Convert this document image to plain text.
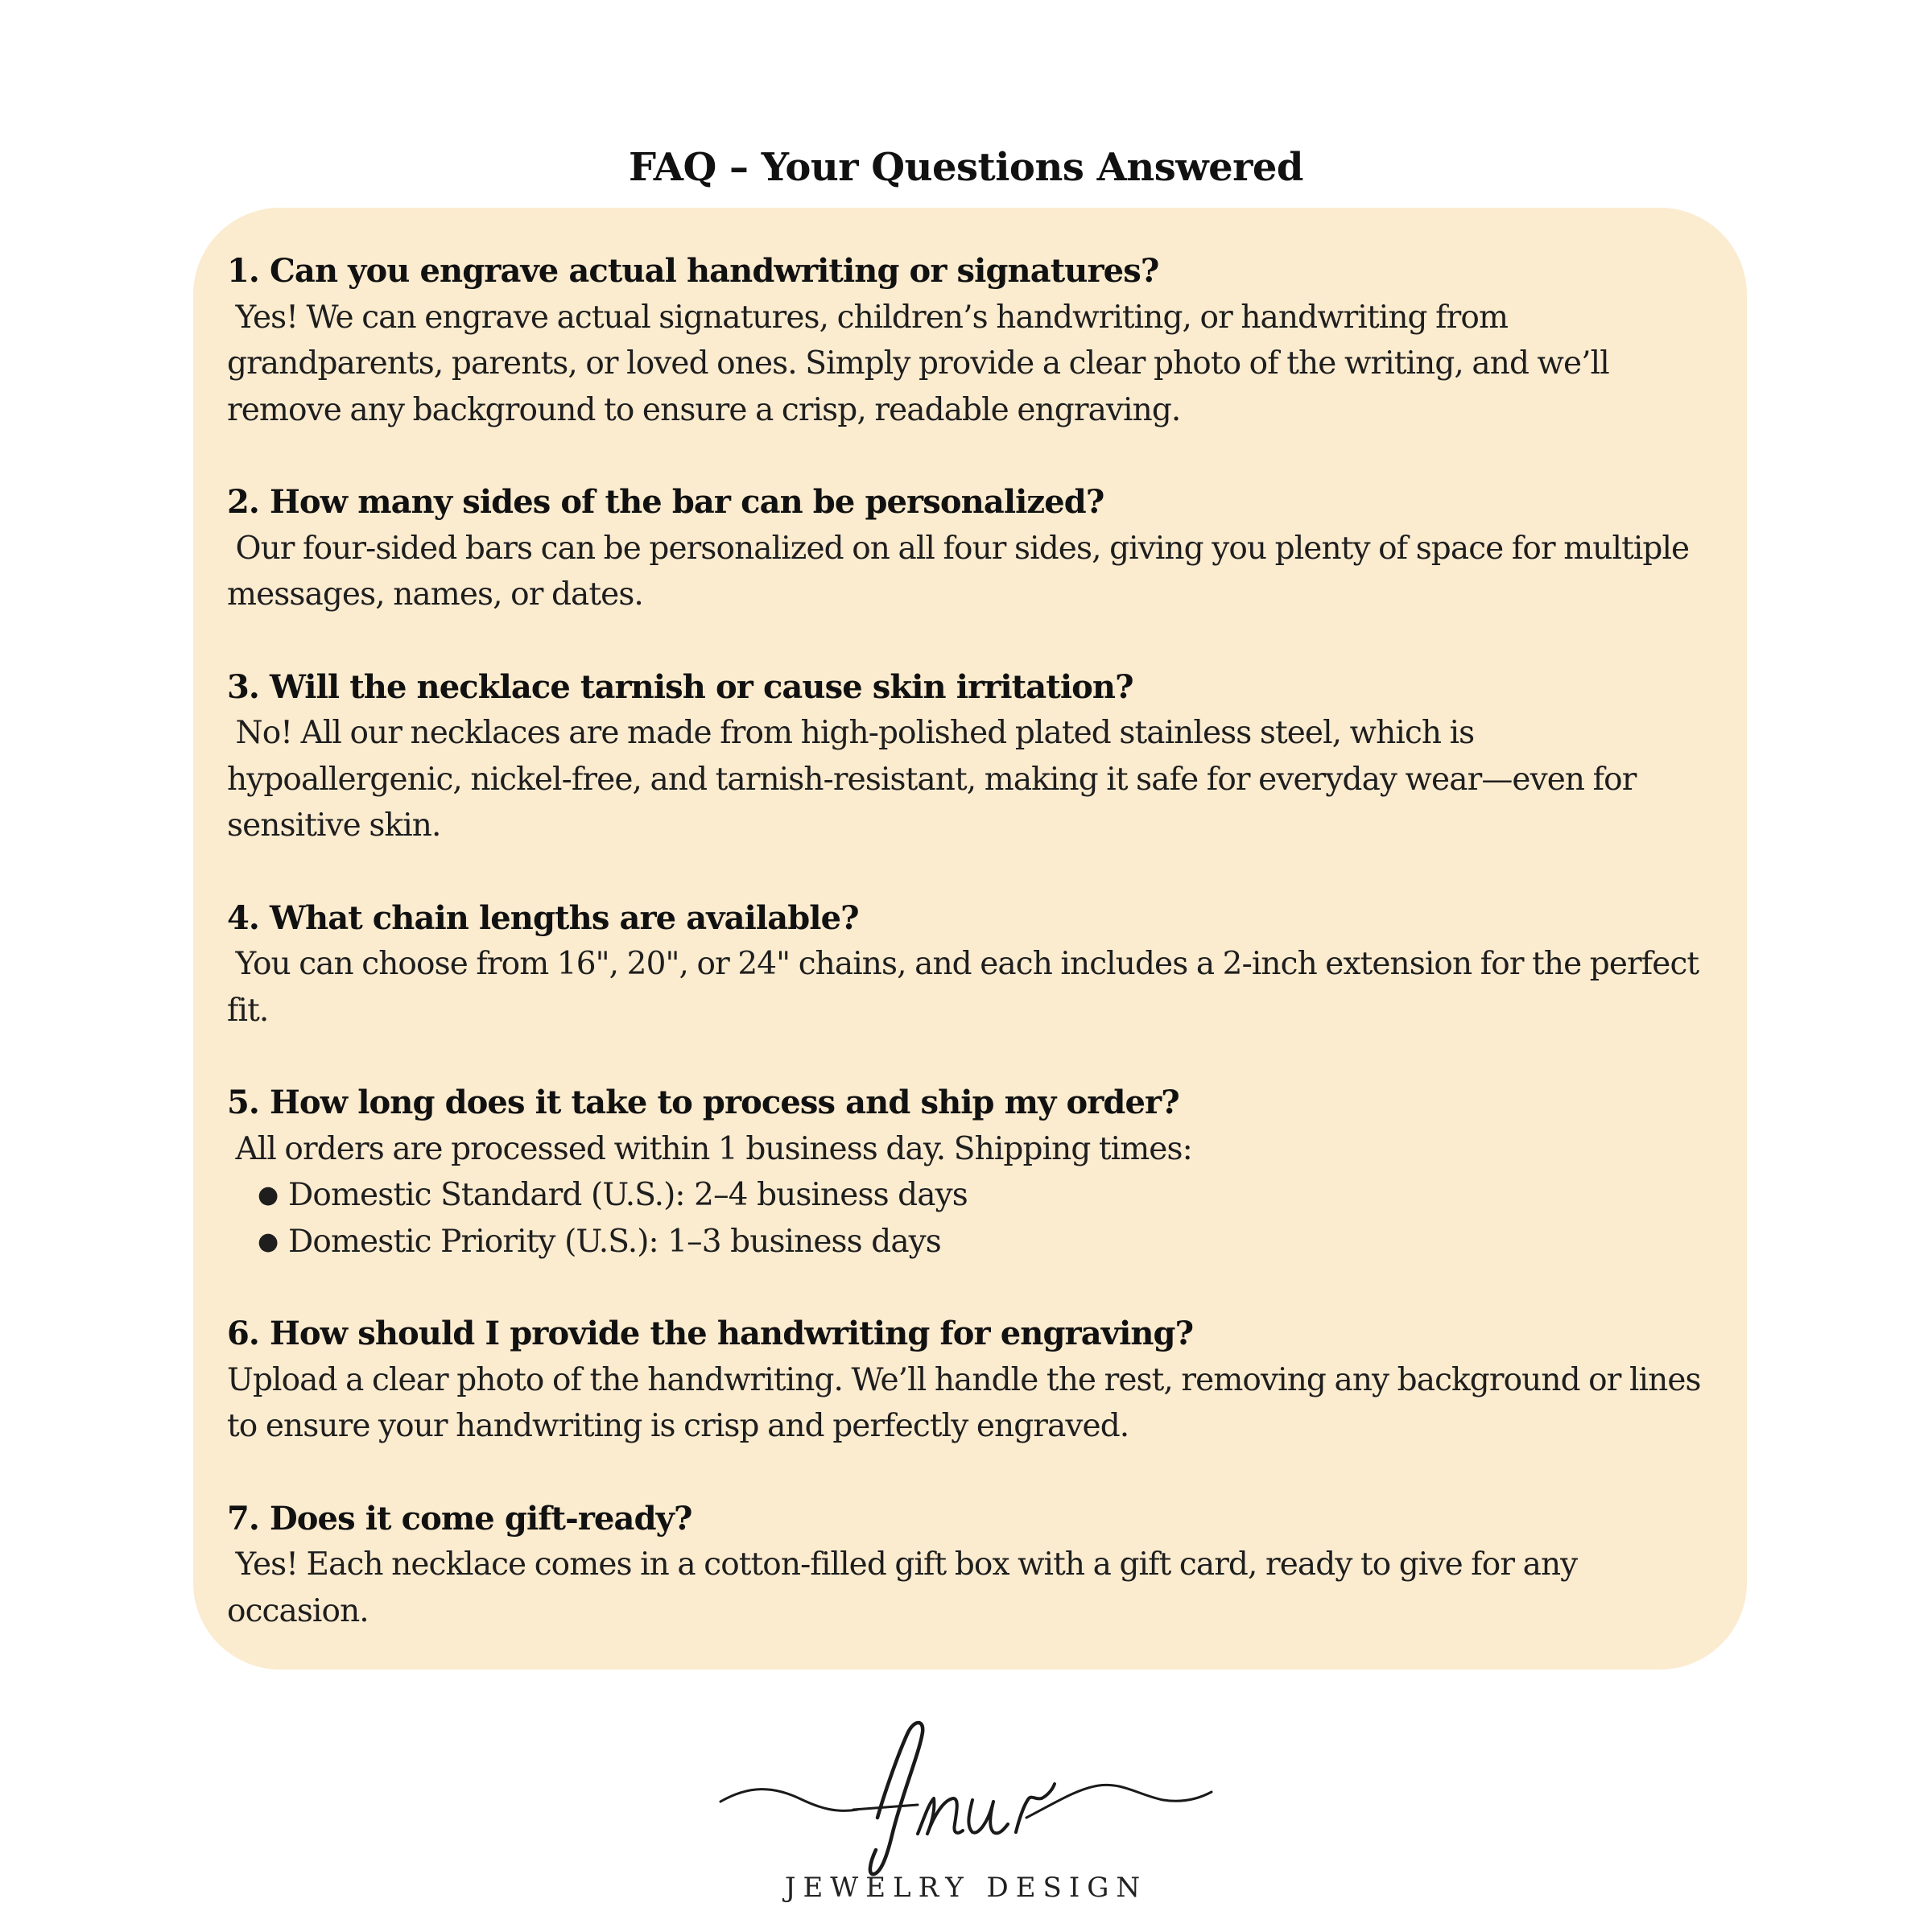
FAQ – Your Questions Answered

1. Can you engrave actual handwriting or signatures?

Yes! We can engrave actual signatures, children’s handwriting, or handwriting from grandparents, parents, or loved ones. Simply provide a clear photo of the writing, and we’ll remove any background to ensure a crisp, readable engraving.

2. How many sides of the bar can be personalized?

Our four-sided bars can be personalized on all four sides, giving you plenty of space for multiple messages, names, or dates.

3. Will the necklace tarnish or cause skin irritation?

No! All our necklaces are made from high-polished plated stainless steel, which is hypoallergenic, nickel-free, and tarnish-resistant, making it safe for everyday wear—even for sensitive skin.

4. What chain lengths are available?

You can choose from 16", 20", or 24" chains, and each includes a 2-inch extension for the perfect fit.

5. How long does it take to process and ship my order?

All orders are processed within 1 business day. Shipping times:

● Domestic Standard (U.S.): 2–4 business days
● Domestic Priority (U.S.): 1–3 business days

6. How should I provide the handwriting for engraving?

Upload a clear photo of the handwriting. We’ll handle the rest, removing any background or lines to ensure your handwriting is crisp and perfectly engraved.

7. Does it come gift-ready?

Yes! Each necklace comes in a cotton-filled gift box with a gift card, ready to give for any occasion.

JEWELRY DESIGN
